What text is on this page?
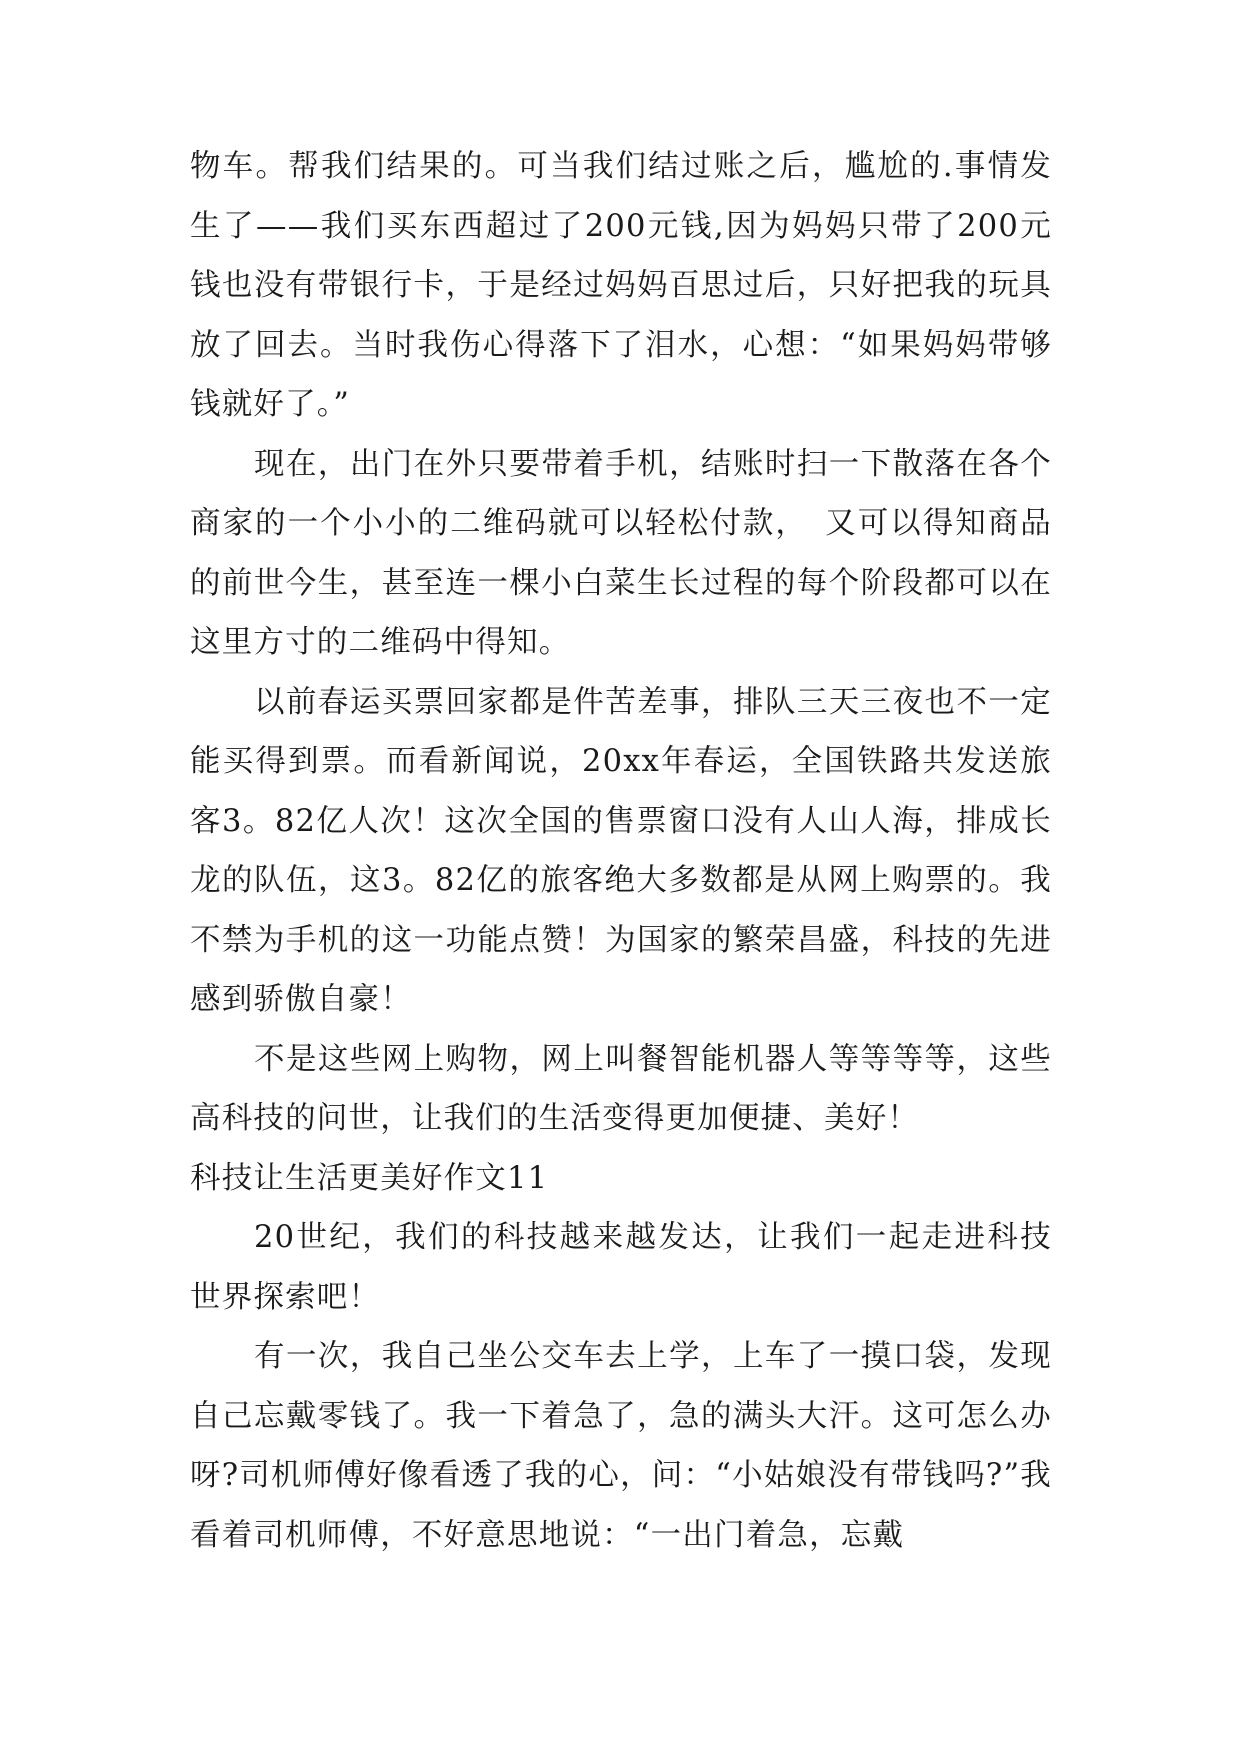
物车。帮我们结果的。可当我们结过账之后，尴尬的.事情发生了——我们买东西超过了200元钱,因为妈妈只带了200元钱也没有带银行卡，于是经过妈妈百思过后，只好把我的玩具放了回去。当时我伤心得落下了泪水，心想：“如果妈妈带够钱就好了。”

现在，出门在外只要带着手机，结账时扫一下散落在各个商家的一个小小的二维码就可以轻松付款，　又可以得知商品的前世今生，甚至连一棵小白菜生长过程的每个阶段都可以在这里方寸的二维码中得知。

以前春运买票回家都是件苦差事，排队三天三夜也不一定能买得到票。而看新闻说，20xx年春运，全国铁路共发送旅客3。82亿人次！这次全国的售票窗口没有人山人海，排成长龙的队伍，这3。82亿的旅客绝大多数都是从网上购票的。我不禁为手机的这一功能点赞！为国家的繁荣昌盛，科技的先进感到骄傲自豪！

不是这些网上购物，网上叫餐智能机器人等等等等，这些高科技的问世，让我们的生活变得更加便捷、美好！

科技让生活更美好作文11

20世纪，我们的科技越来越发达，让我们一起走进科技世界探索吧！

有一次，我自己坐公交车去上学，上车了一摸口袋，发现自己忘戴零钱了。我一下着急了，急的满头大汗。这可怎么办呀?司机师傅好像看透了我的心，问：“小姑娘没有带钱吗?”我看着司机师傅，不好意思地说：“一出门着急，忘戴
